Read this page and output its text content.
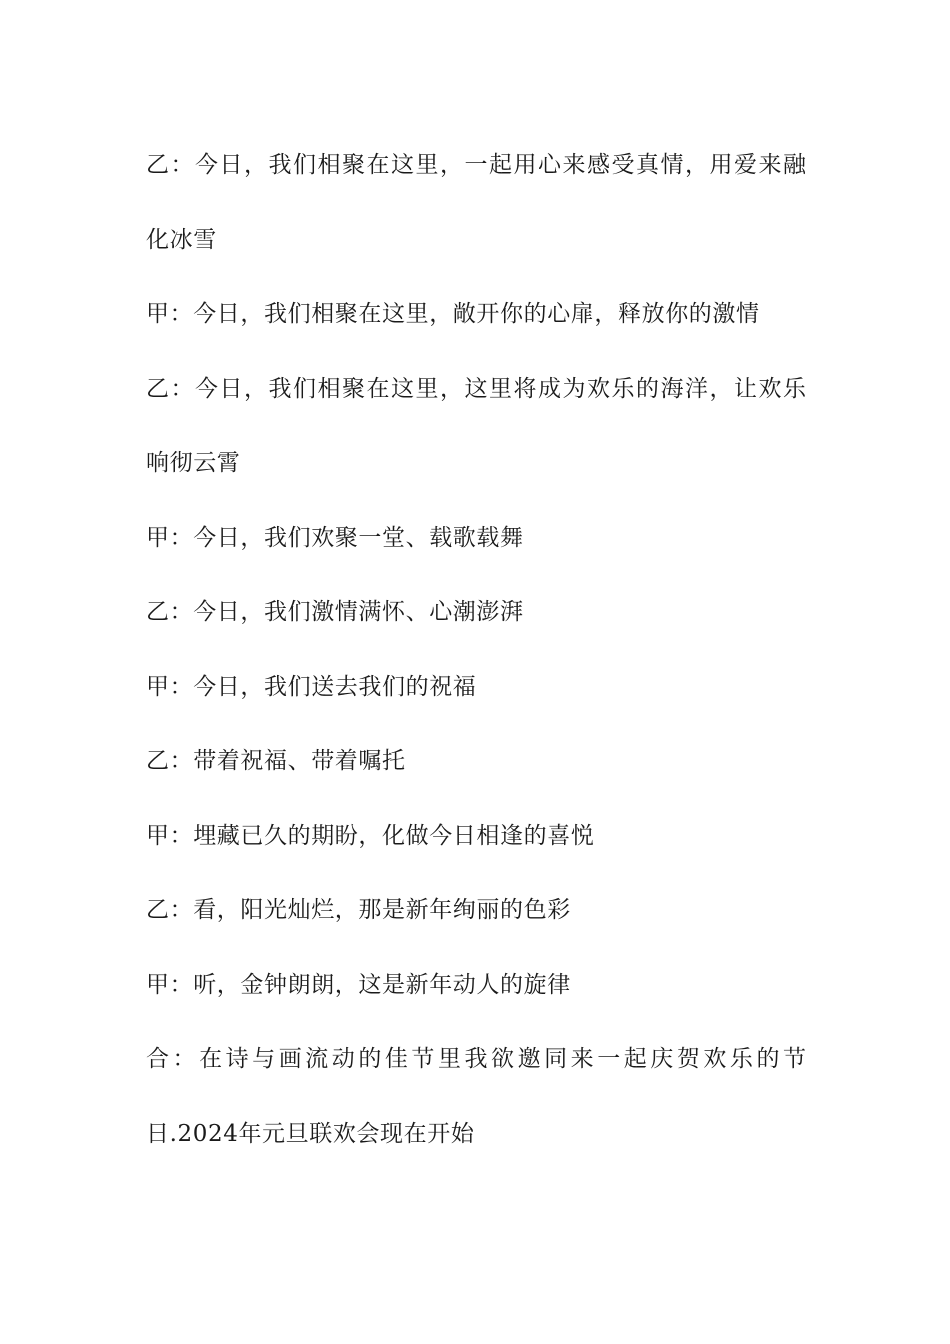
乙：今日，我们相聚在这里，一起用心来感受真情，用爱来融
化冰雪
甲：今日，我们相聚在这里，敞开你的心扉，释放你的激情
乙：今日，我们相聚在这里，这里将成为欢乐的海洋，让欢乐
响彻云霄
甲：今日，我们欢聚一堂、载歌载舞
乙：今日，我们激情满怀、心潮澎湃
甲：今日，我们送去我们的祝福
乙：带着祝福、带着嘱托
甲：埋藏已久的期盼，化做今日相逢的喜悦
乙：看，阳光灿烂，那是新年绚丽的色彩
甲：听，金钟朗朗，这是新年动人的旋律
合：在诗与画流动的佳节里我欲邀同来一起庆贺欢乐的节
日.2024年元旦联欢会现在开始
